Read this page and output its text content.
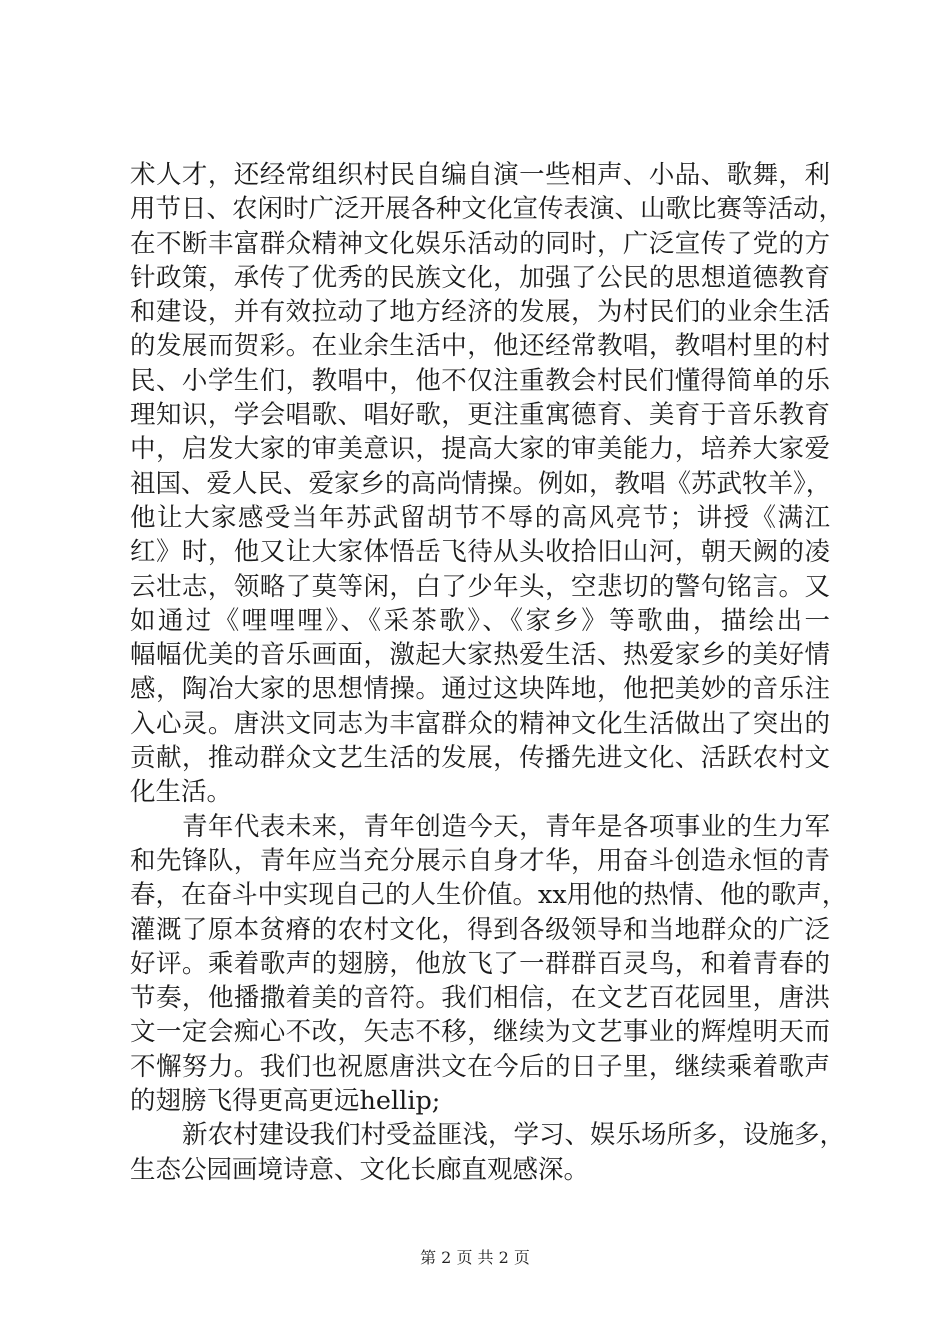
术人才，还经常组织村民自编自演一些相声、小品、歌舞，利
用节日、农闲时广泛开展各种文化宣传表演、山歌比赛等活动，
在不断丰富群众精神文化娱乐活动的同时，广泛宣传了党的方
针政策，承传了优秀的民族文化，加强了公民的思想道德教育
和建设，并有效拉动了地方经济的发展，为村民们的业余生活
的发展而贺彩。在业余生活中，他还经常教唱，教唱村里的村
民、小学生们，教唱中，他不仅注重教会村民们懂得简单的乐
理知识，学会唱歌、唱好歌，更注重寓德育、美育于音乐教育
中，启发大家的审美意识，提高大家的审美能力，培养大家爱
祖国、爱人民、爱家乡的高尚情操。例如，教唱《苏武牧羊》，
他让大家感受当年苏武留胡节不辱的高风亮节；讲授《满江
红》时，他又让大家体悟岳飞待从头收拾旧山河，朝天阙的凌
云壮志，领略了莫等闲，白了少年头，空悲切的警句铭言。又
如通过《哩哩哩》、《采茶歌》、《家乡》等歌曲，描绘出一
幅幅优美的音乐画面，激起大家热爱生活、热爱家乡的美好情
感，陶冶大家的思想情操。通过这块阵地，他把美妙的音乐注
入心灵。唐洪文同志为丰富群众的精神文化生活做出了突出的
贡献，推动群众文艺生活的发展，传播先进文化、活跃农村文
化生活。
青年代表未来，青年创造今天，青年是各项事业的生力军
和先锋队，青年应当充分展示自身才华，用奋斗创造永恒的青
春，在奋斗中实现自己的人生价值。xx用他的热情、他的歌声，
灌溉了原本贫瘠的农村文化，得到各级领导和当地群众的广泛
好评。乘着歌声的翅膀，他放飞了一群群百灵鸟，和着青春的
节奏，他播撒着美的音符。我们相信，在文艺百花园里，唐洪
文一定会痴心不改，矢志不移，继续为文艺事业的辉煌明天而
不懈努力。我们也祝愿唐洪文在今后的日子里，继续乘着歌声
的翅膀飞得更高更远hellip;
新农村建设我们村受益匪浅，学习、娱乐场所多，设施多，
生态公园画境诗意、文化长廊直观感深。
第 2 页 共 2 页
